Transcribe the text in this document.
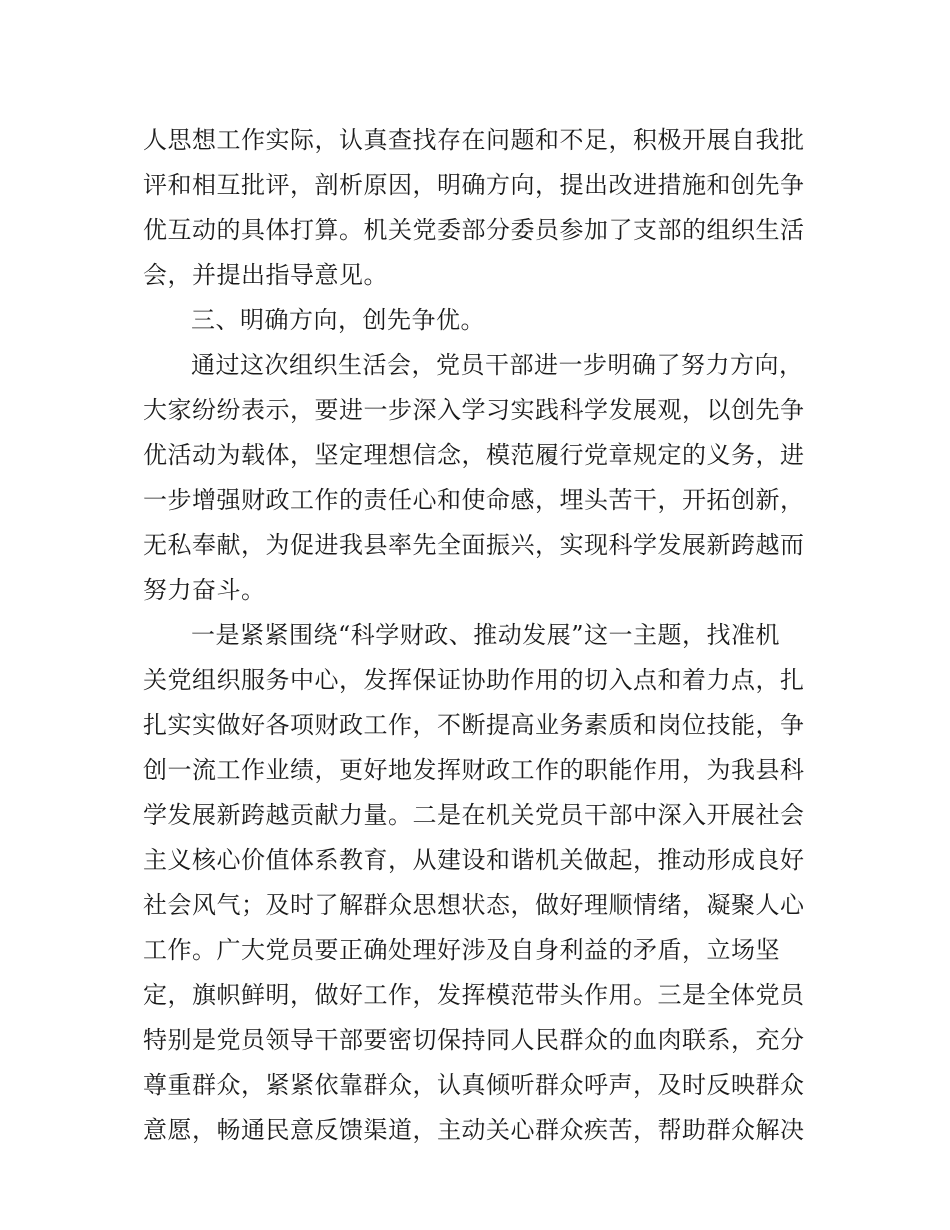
人思想工作实际，认真查找存在问题和不足，积极开展自我批
评和相互批评，剖析原因，明确方向，提出改进措施和创先争
优互动的具体打算。机关党委部分委员参加了支部的组织生活
会，并提出指导意见。
三、明确方向，创先争优。
通过这次组织生活会，党员干部进一步明确了努力方向，
大家纷纷表示，要进一步深入学习实践科学发展观，以创先争
优活动为载体，坚定理想信念，模范履行党章规定的义务，进
一步增强财政工作的责任心和使命感，埋头苦干，开拓创新，
无私奉献，为促进我县率先全面振兴，实现科学发展新跨越而
努力奋斗。
一是紧紧围绕“科学财政、推动发展”这一主题，找准机
关党组织服务中心，发挥保证协助作用的切入点和着力点，扎
扎实实做好各项财政工作，不断提高业务素质和岗位技能，争
创一流工作业绩，更好地发挥财政工作的职能作用，为我县科
学发展新跨越贡献力量。二是在机关党员干部中深入开展社会
主义核心价值体系教育，从建设和谐机关做起，推动形成良好
社会风气；及时了解群众思想状态，做好理顺情绪，凝聚人心
工作。广大党员要正确处理好涉及自身利益的矛盾，立场坚
定，旗帜鲜明，做好工作，发挥模范带头作用。三是全体党员
特别是党员领导干部要密切保持同人民群众的血肉联系，充分
尊重群众，紧紧依靠群众，认真倾听群众呼声，及时反映群众
意愿，畅通民意反馈渠道，主动关心群众疾苦，帮助群众解决
